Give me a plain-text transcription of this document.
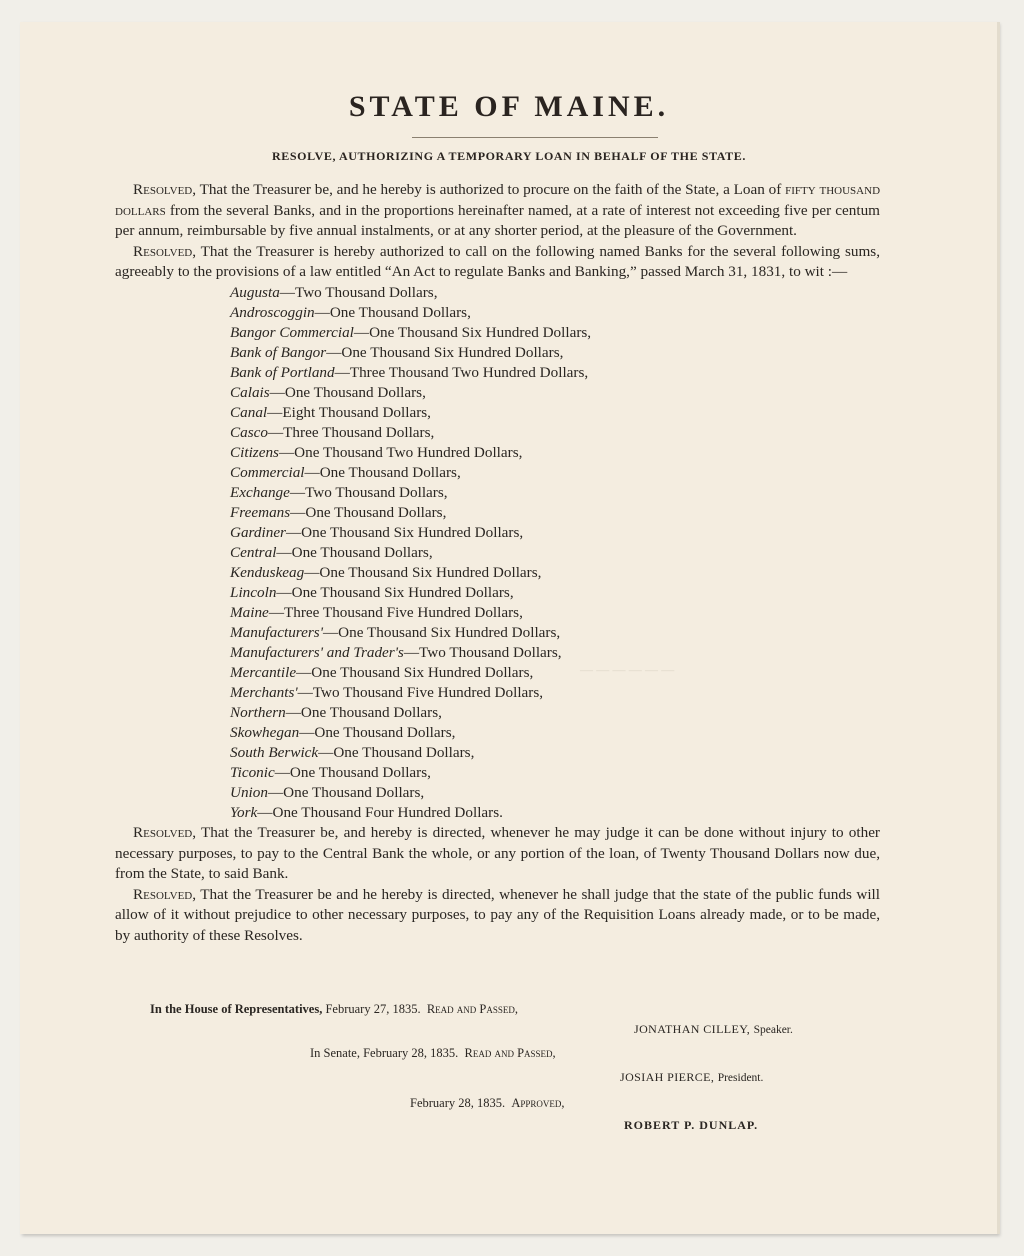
— — — — — —
STATE OF MAINE.
RESOLVE, AUTHORIZING A TEMPORARY LOAN IN BEHALF OF THE STATE.

Resolved, That the Treasurer be, and he hereby is authorized to procure on the faith of the State, a Loan of fifty thousand dollars from the several Banks, and in the proportions hereinafter named, at a rate of interest not exceeding five per centum per annum, reimbursable by five annual instalments, or at any shorter period, at the pleasure of the Government.

Resolved, That the Treasurer is hereby authorized to call on the following named Banks for the several following sums, agreeably to the provisions of a law entitled “An Act to regulate Banks and Banking,” passed March 31, 1831, to wit :—

Augusta—Two Thousand Dollars,
Androscoggin—One Thousand Dollars,
Bangor Commercial—One Thousand Six Hundred Dollars,
Bank of Bangor—One Thousand Six Hundred Dollars,
Bank of Portland—Three Thousand Two Hundred Dollars,
Calais—One Thousand Dollars,
Canal—Eight Thousand Dollars,
Casco—Three Thousand Dollars,
Citizens—One Thousand Two Hundred Dollars,
Commercial—One Thousand Dollars,
Exchange—Two Thousand Dollars,
Freemans—One Thousand Dollars,
Gardiner—One Thousand Six Hundred Dollars,
Central—One Thousand Dollars,
Kenduskeag—One Thousand Six Hundred Dollars,
Lincoln—One Thousand Six Hundred Dollars,
Maine—Three Thousand Five Hundred Dollars,
Manufacturers'—One Thousand Six Hundred Dollars,
Manufacturers' and Trader's—Two Thousand Dollars,
Mercantile—One Thousand Six Hundred Dollars,
Merchants'—Two Thousand Five Hundred Dollars,
Northern—One Thousand Dollars,
Skowhegan—One Thousand Dollars,
South Berwick—One Thousand Dollars,
Ticonic—One Thousand Dollars,
Union—One Thousand Dollars,
York—One Thousand Four Hundred Dollars.

Resolved, That the Treasurer be, and hereby is directed, whenever he may judge it can be done without injury to other necessary purposes, to pay to the Central Bank the whole, or any portion of the loan, of Twenty Thousand Dollars now due, from the State, to said Bank.

Resolved, That the Treasurer be and he hereby is directed, whenever he shall judge that the state of the public funds will allow of it without prejudice to other necessary purposes, to pay any of the Requisition Loans already made, or to be made, by authority of these Resolves.

In the House of Representatives, February 27, 1835. Read and Passed,
JONATHAN CILLEY, Speaker.
In Senate, February 28, 1835. Read and Passed,
JOSIAH PIERCE, President.
February 28, 1835. Approved,
ROBERT P. DUNLAP.
